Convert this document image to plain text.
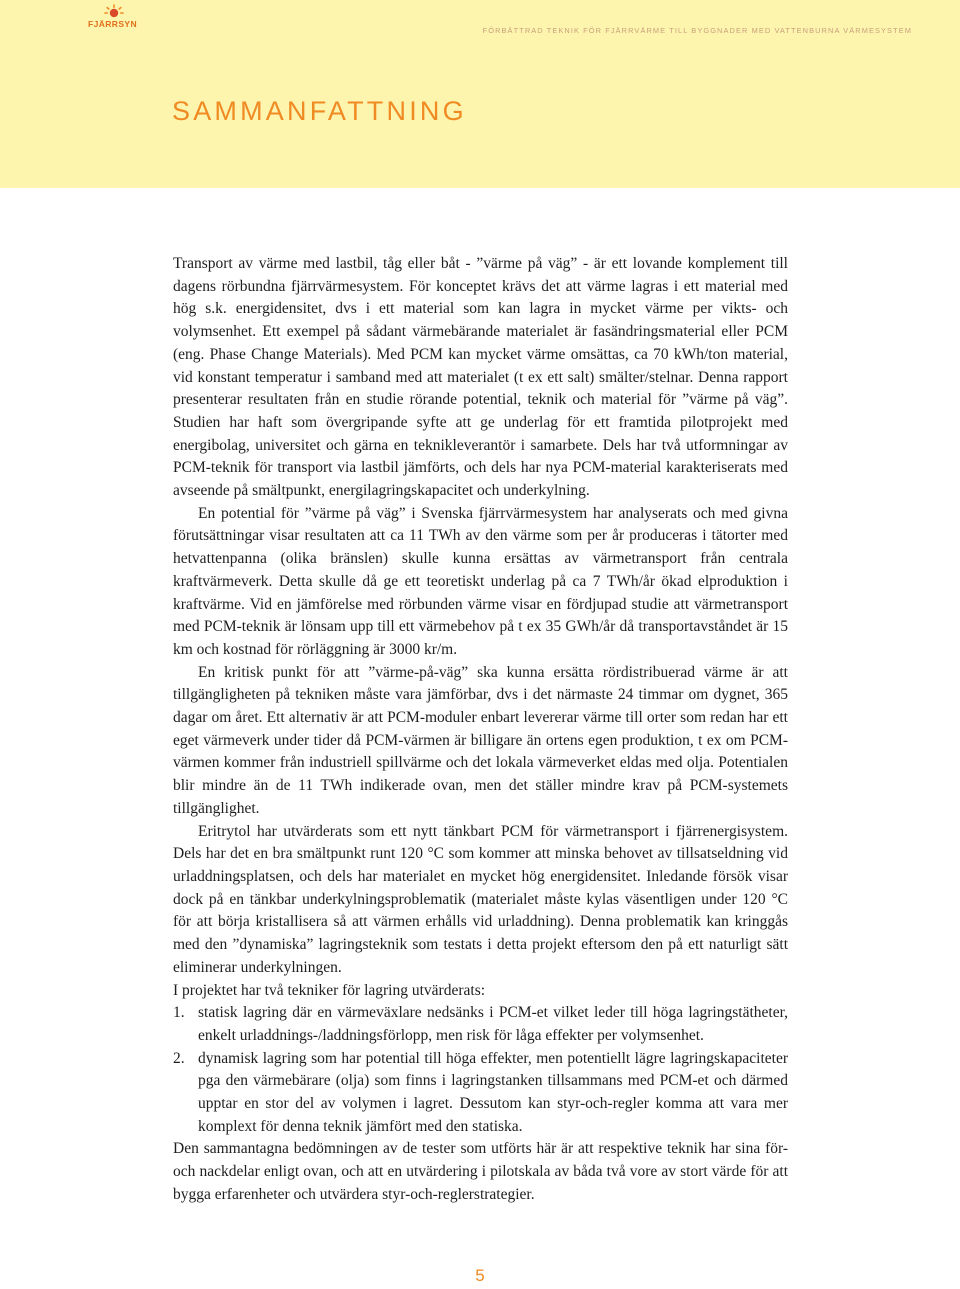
FJÄRRSYN
FÖRBÄTTRAD TEKNIK FÖR FJÄRRVÄRME TILL BYGGNADER MED VATTENBURNA VÄRMESYSTEM
SAMMANFATTNING

Transport av värme med lastbil, tåg eller båt - ”värme på väg” - är ett lovande komplement till dagens rörbundna fjärrvärmesystem. För konceptet krävs det att värme lagras i ett material med hög s.k. energidensitet, dvs i ett material som kan lagra in mycket värme per vikts- och volymsenhet. Ett exempel på sådant värmebärande materialet är fasändringsmaterial eller PCM (eng. Phase Change Materials). Med PCM kan mycket värme omsättas, ca 70 kWh/ton material, vid konstant temperatur i samband med att materialet (t ex ett salt) smälter/stelnar. Denna rapport presenterar resultaten från en studie rörande potential, teknik och material för ”värme på väg”. Studien har haft som övergripande syfte att ge underlag för ett framtida pilotprojekt med energibolag, universitet och gärna en teknikleverantör i samarbete. Dels har två utformningar av PCM-teknik för transport via lastbil jämförts, och dels har nya PCM-material karakteriserats med avseende på smältpunkt, energilagringskapacitet och underkylning.

En potential för ”värme på väg” i Svenska fjärrvärmesystem har analyserats och med givna förutsättningar visar resultaten att ca 11 TWh av den värme som per år produceras i tätorter med hetvattenpanna (olika bränslen) skulle kunna ersättas av värmetransport från centrala kraftvärmeverk. Detta skulle då ge ett teoretiskt underlag på ca 7 TWh/år ökad elproduktion i kraftvärme. Vid en jämförelse med rörbunden värme visar en fördjupad studie att värmetransport med PCM-teknik är lönsam upp till ett värmebehov på t ex 35 GWh/år då transportavståndet är 15 km och kostnad för rörläggning är 3000 kr/m.

En kritisk punkt för att ”värme-på-väg” ska kunna ersätta rördistribuerad värme är att tillgängligheten på tekniken måste vara jämförbar, dvs i det närmaste 24 timmar om dygnet, 365 dagar om året. Ett alternativ är att PCM-moduler enbart levererar värme till orter som redan har ett eget värmeverk under tider då PCM-värmen är billigare än ortens egen produktion, t ex om PCM-värmen kommer från industriell spillvärme och det lokala värmeverket eldas med olja. Potentialen blir mindre än de 11 TWh indikerade ovan, men det ställer mindre krav på PCM-systemets tillgänglighet.

Eritrytol har utvärderats som ett nytt tänkbart PCM för värmetransport i fjärrenergisystem. Dels har det en bra smältpunkt runt 120 °C som kommer att minska behovet av tillsatseldning vid urladdningsplatsen, och dels har materialet en mycket hög energidensitet. Inledande försök visar dock på en tänkbar underkylningsproblematik (materialet måste kylas väsentligen under 120 °C för att börja kristallisera så att värmen erhålls vid urladdning). Denna problematik kan kringgås med den ”dynamiska” lagringsteknik som testats i detta projekt eftersom den på ett naturligt sätt eliminerar underkylningen.

I projektet har två tekniker för lagring utvärderats:

1. statisk lagring där en värmeväxlare nedsänks i PCM-et vilket leder till höga lagringstätheter, enkelt urladdnings-/laddningsförlopp, men risk för låga effekter per volymsenhet.
2. dynamisk lagring som har potential till höga effekter, men potentiellt lägre lagringskapaciteter pga den värmebärare (olja) som finns i lagringstanken tillsammans med PCM-et och därmed upptar en stor del av volymen i lagret. Dessutom kan styr-och-regler komma att vara mer komplext för denna teknik jämfört med den statiska.

Den sammantagna bedömningen av de tester som utförts här är att respektive teknik har sina för- och nackdelar enligt ovan, och att en utvärdering i pilotskala av båda två vore av stort värde för att bygga erfarenheter och utvärdera styr-och-reglerstrategier.

5
